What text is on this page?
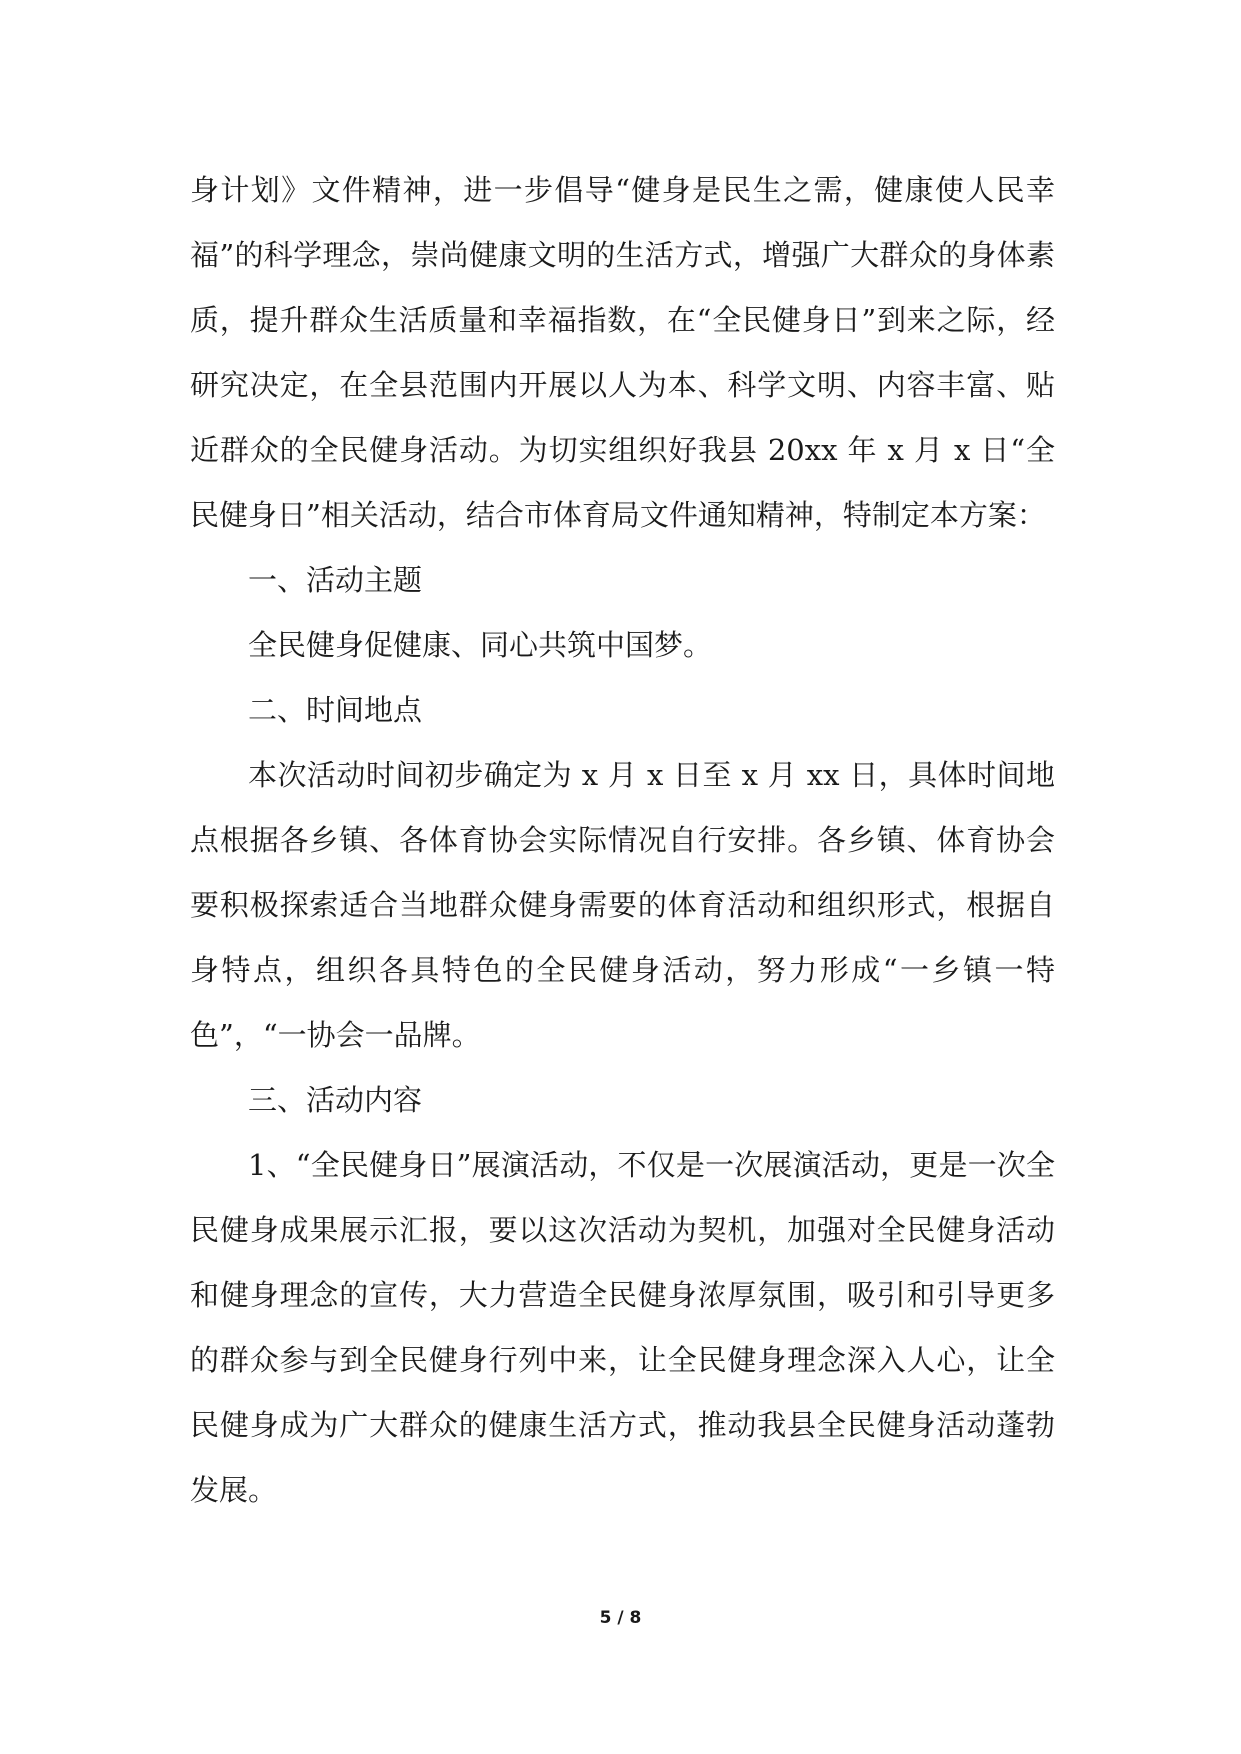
身计划》文件精神，进一步倡导“健身是民生之需，健康使人民幸福”的科学理念，崇尚健康文明的生活方式，增强广大群众的身体素质，提升群众生活质量和幸福指数，在“全民健身日”到来之际，经研究决定，在全县范围内开展以人为本、科学文明、内容丰富、贴近群众的全民健身活动。为切实组织好我县 20xx 年 x 月 x 日“全民健身日”相关活动，结合市体育局文件通知精神，特制定本方案：

一、活动主题

全民健身促健康、同心共筑中国梦。

二、时间地点

本次活动时间初步确定为 x 月 x 日至 x 月 xx 日，具体时间地点根据各乡镇、各体育协会实际情况自行安排。各乡镇、体育协会要积极探索适合当地群众健身需要的体育活动和组织形式，根据自身特点，组织各具特色的全民健身活动，努力形成“一乡镇一特色”，“一协会一品牌。

三、活动内容

1、“全民健身日”展演活动，不仅是一次展演活动，更是一次全民健身成果展示汇报，要以这次活动为契机，加强对全民健身活动和健身理念的宣传，大力营造全民健身浓厚氛围，吸引和引导更多的群众参与到全民健身行列中来，让全民健身理念深入人心，让全民健身成为广大群众的健康生活方式，推动我县全民健身活动蓬勃发展。

5 / 8
